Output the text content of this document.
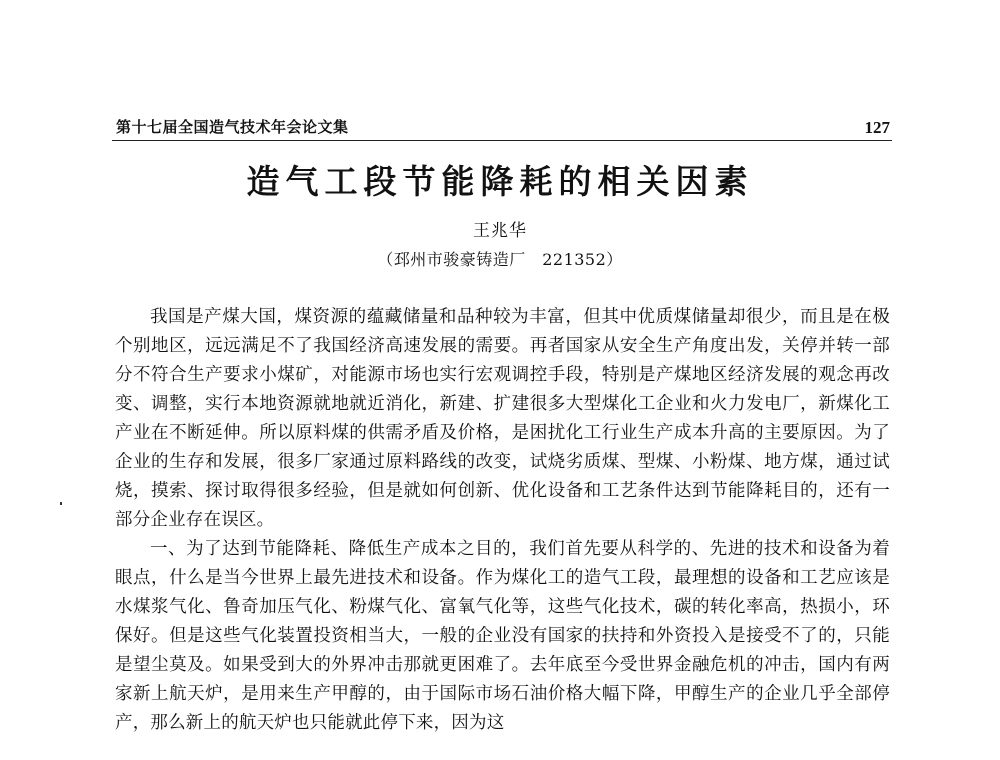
第十七届全国造气技术年会论文集	127
造气工段节能降耗的相关因素
王兆华
（邳州市骏豪铸造厂　221352）

我国是产煤大国，煤资源的蕴藏储量和品种较为丰富，但其中优质煤储量却很少，而且是在极个别地区，远远满足不了我国经济高速发展的需要。再者国家从安全生产角度出发，关停并转一部分不符合生产要求小煤矿，对能源市场也实行宏观调控手段，特别是产煤地区经济发展的观念再改变、调整，实行本地资源就地就近消化，新建、扩建很多大型煤化工企业和火力发电厂，新煤化工产业在不断延伸。所以原料煤的供需矛盾及价格，是困扰化工行业生产成本升高的主要原因。为了企业的生存和发展，很多厂家通过原料路线的改变，试烧劣质煤、型煤、小粉煤、地方煤，通过试烧，摸索、探讨取得很多经验，但是就如何创新、优化设备和工艺条件达到节能降耗目的，还有一部分企业存在误区。

一、为了达到节能降耗、降低生产成本之目的，我们首先要从科学的、先进的技术和设备为着眼点，什么是当今世界上最先进技术和设备。作为煤化工的造气工段，最理想的设备和工艺应该是水煤浆气化、鲁奇加压气化、粉煤气化、富氧气化等，这些气化技术，碳的转化率高，热损小，环保好。但是这些气化装置投资相当大，一般的企业没有国家的扶持和外资投入是接受不了的，只能是望尘莫及。如果受到大的外界冲击那就更困难了。去年底至今受世界金融危机的冲击，国内有两家新上航天炉，是用来生产甲醇的，由于国际市场石油价格大幅下降，甲醇生产的企业几乎全部停产，那么新上的航天炉也只能就此停下来，因为这
